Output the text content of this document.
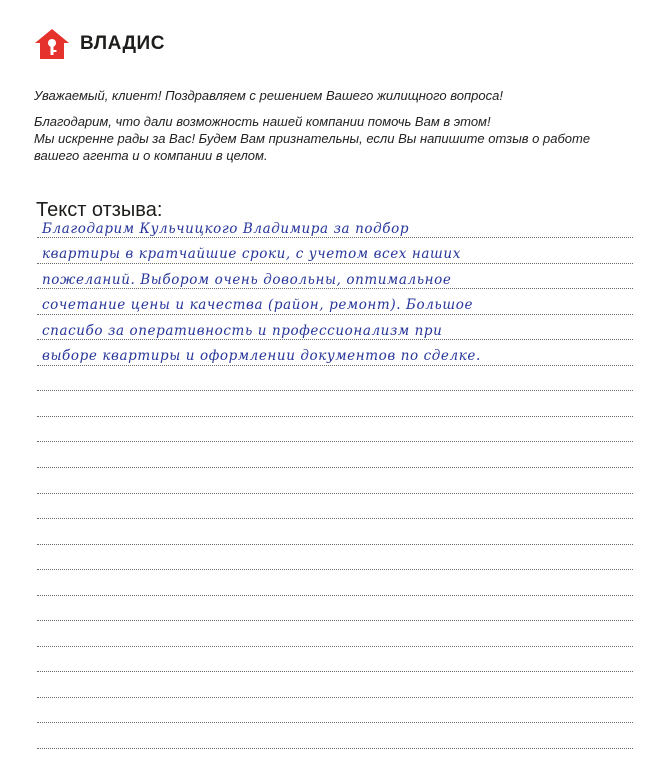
ВЛАДИС

Уважаемый, клиент! Поздравляем с решением Вашего жилищного вопроса!

Благодарим, что дали возможность нашей компании помочь Вам в этом!

Мы искренне рады за Вас! Будем Вам признательны, если Вы напишите отзыв о работе

вашего агента и о компании в целом.

Текст отзыва:
Благодарим Кульчицкого Владимира за подбор
квартиры в кратчайшие сроки, с учетом всех наших
пожеланий. Выбором очень довольны, оптимальное
сочетание цены и качества (район, ремонт). Большое
спасибо за оперативность и профессионализм при
выборе квартиры и оформлении документов по сделке.
